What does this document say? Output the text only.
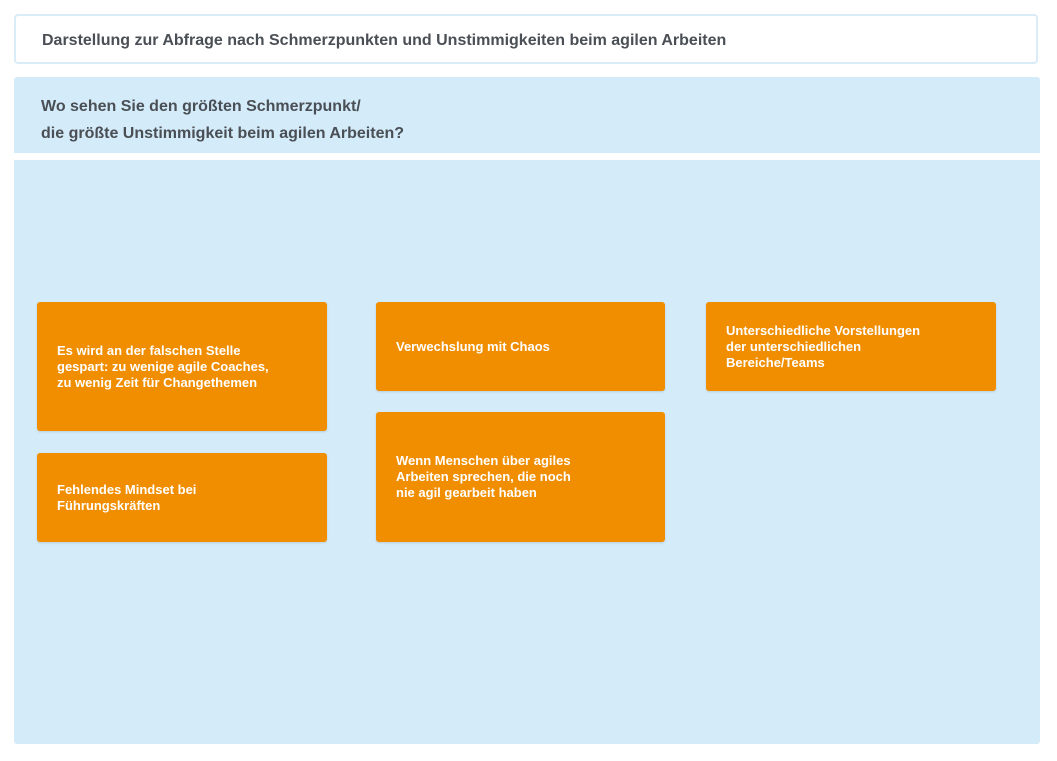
Darstellung zur Abfrage nach Schmerzpunkten und Unstimmigkeiten beim agilen Arbeiten

Wo sehen Sie den größten Schmerzpunkt/
die größte Unstimmigkeit beim agilen Arbeiten?

Es wird an der falschen Stelle
gespart: zu wenige agile Coaches,
zu wenig Zeit für Changethemen
Verwechslung mit Chaos
Unterschiedliche Vorstellungen
der unterschiedlichen
Bereiche/Teams
Fehlendes Mindset bei
Führungskräften
Wenn Menschen über agiles
Arbeiten sprechen, die noch
nie agil gearbeit haben
